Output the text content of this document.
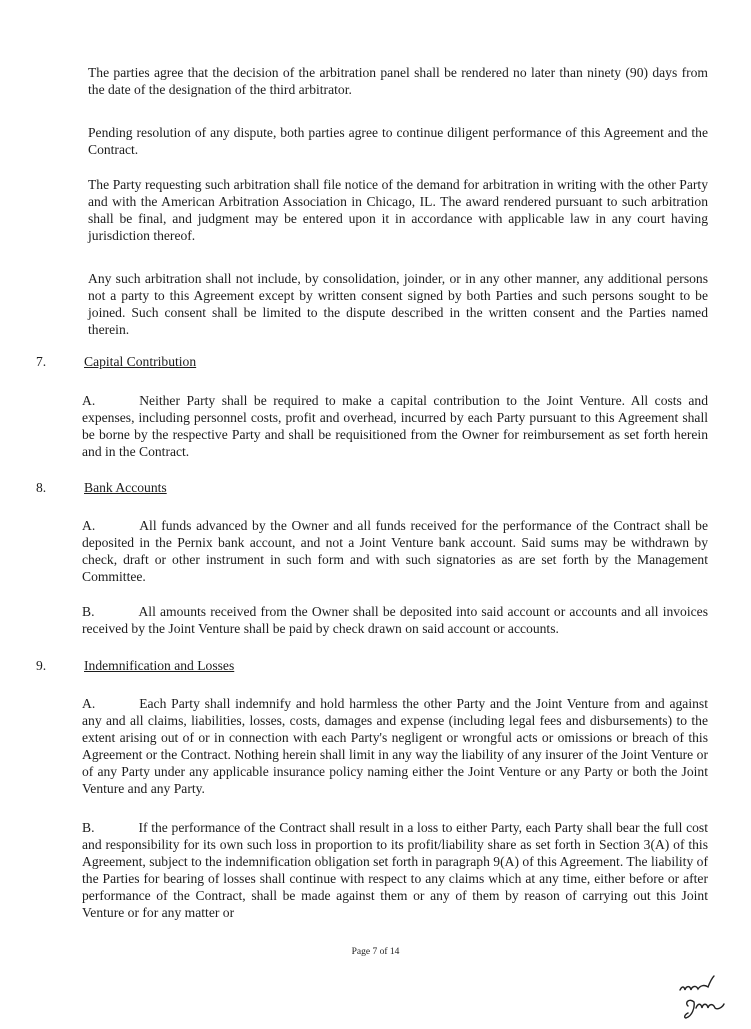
The parties agree that the decision of the arbitration panel shall be rendered no later than ninety (90) days from the date of the designation of the third arbitrator.

Pending resolution of any dispute, both parties agree to continue diligent performance of this Agreement and the Contract.

The Party requesting such arbitration shall file notice of the demand for arbitration in writing with the other Party and with the American Arbitration Association in Chicago, IL. The award rendered pursuant to such arbitration shall be final, and judgment may be entered upon it in accordance with applicable law in any court having jurisdiction thereof.

Any such arbitration shall not include, by consolidation, joinder, or in any other manner, any additional persons not a party to this Agreement except by written consent signed by both Parties and such persons sought to be joined. Such consent shall be limited to the dispute described in the written consent and the Parties named therein.

7.	Capital Contribution

A.	Neither Party shall be required to make a capital contribution to the Joint Venture. All costs and expenses, including personnel costs, profit and overhead, incurred by each Party pursuant to this Agreement shall be borne by the respective Party and shall be requisitioned from the Owner for reimbursement as set forth herein and in the Contract.

8.	Bank Accounts

A.	All funds advanced by the Owner and all funds received for the performance of the Contract shall be deposited in the Pernix bank account, and not a Joint Venture bank account. Said sums may be withdrawn by check, draft or other instrument in such form and with such signatories as are set forth by the Management Committee.

B.	All amounts received from the Owner shall be deposited into said account or accounts and all invoices received by the Joint Venture shall be paid by check drawn on said account or accounts.

9.	Indemnification and Losses

A.	Each Party shall indemnify and hold harmless the other Party and the Joint Venture from and against any and all claims, liabilities, losses, costs, damages and expense (including legal fees and disbursements) to the extent arising out of or in connection with each Party's negligent or wrongful acts or omissions or breach of this Agreement or the Contract. Nothing herein shall limit in any way the liability of any insurer of the Joint Venture or of any Party under any applicable insurance policy naming either the Joint Venture or any Party or both the Joint Venture and any Party.

B.	If the performance of the Contract shall result in a loss to either Party, each Party shall bear the full cost and responsibility for its own such loss in proportion to its profit/liability share as set forth in Section 3(A) of this Agreement, subject to the indemnification obligation set forth in paragraph 9(A) of this Agreement. The liability of the Parties for bearing of losses shall continue with respect to any claims which at any time, either before or after performance of the Contract, shall be made against them or any of them by reason of carrying out this Joint Venture or for any matter or

Page 7 of 14
